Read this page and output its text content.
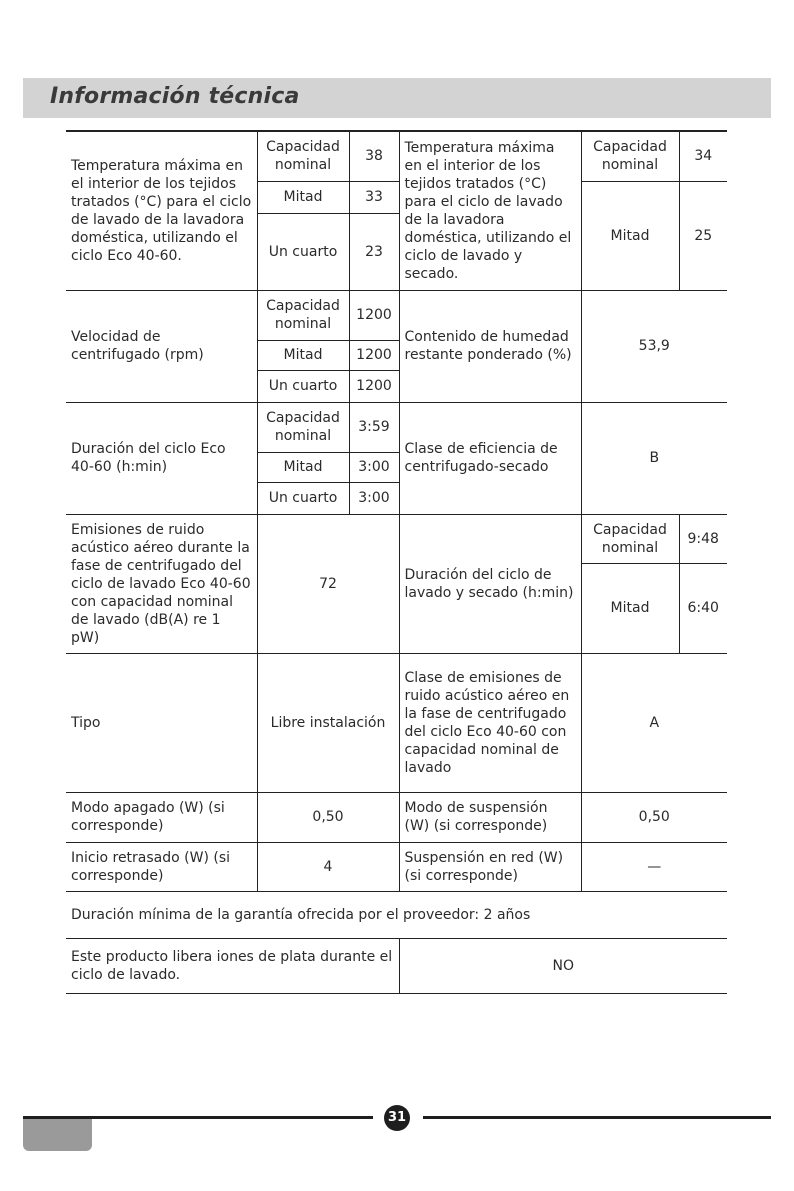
Información técnica
Temperatura máxima en el interior de los tejidos tratados (°C) para el ciclo de lavado de la lavadora doméstica, utilizando el ciclo Eco 40-60.	Capacidad nominal	38	Temperatura máxima en el interior de los tejidos tratados (°C) para el ciclo de lavado de la lavadora doméstica, utilizando el ciclo de lavado y secado.	Capacidad nominal	34
	Mitad	33		Mitad	25
	Un cuarto	23			
Velocidad de centrifugado (rpm)	Capacidad nominal	1200	Contenido de humedad restante ponderado (%)	53,9	
	Mitad	1200			
	Un cuarto	1200			
Duración del ciclo Eco 40-60 (h:min)	Capacidad nominal	3:59	Clase de eficiencia de centrifugado-secado	B	
	Mitad	3:00			
	Un cuarto	3:00			
Emisiones de ruido acústico aéreo durante la fase de centrifugado del ciclo de lavado Eco 40-60 con capacidad nominal de lavado (dB(A) re 1 pW)	72		Duración del ciclo de lavado y secado (h:min)	Capacidad nominal	9:48
				Mitad	6:40
Tipo	Libre instalación		Clase de emisiones de ruido acústico aéreo en la fase de centrifugado del ciclo Eco 40-60 con capacidad nominal de lavado	A	
Modo apagado (W) (si corresponde)	0,50		Modo de suspensión (W) (si corresponde)	0,50	
Inicio retrasado (W) (si corresponde)	4		Suspensión en red (W) (si corresponde)	—	
Duración mínima de la garantía ofrecida por el proveedor: 2 años					
Este producto libera iones de plata durante el ciclo de lavado.			NO		
31
